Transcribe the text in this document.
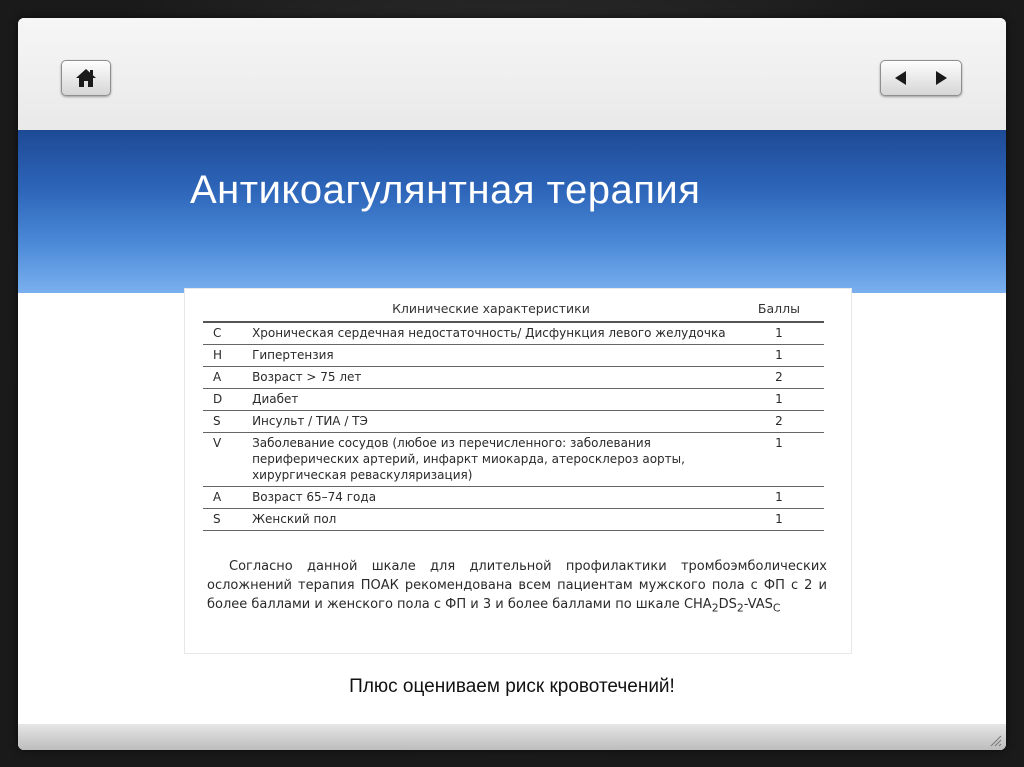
Антикоагулянтная терапия
	Клинические характеристики	Баллы
C	Хроническая сердечная недостаточность/ Дисфункция левого желудочка	1
H	Гипертензия	1
A	Возраст > 75 лет	2
D	Диабет	1
S	Инсульт / ТИА / ТЭ	2
V	Заболевание сосудов (любое из перечисленного: заболевания периферических артерий, инфаркт миокарда, атеросклероз аорты, хирургическая реваскуляризация)	1
A	Возраст 65–74 года	1
S	Женский пол	1
Согласно данной шкале для длительной профилактики тромбоэмболических осложнений терапия ПОАК рекомендована всем пациентам мужского пола с ФП с 2 и более баллами и женского пола с ФП и 3 и более баллами по шкале $CHA_2DS_2-VAS_C$
Плюс оцениваем риск кровотечений!
